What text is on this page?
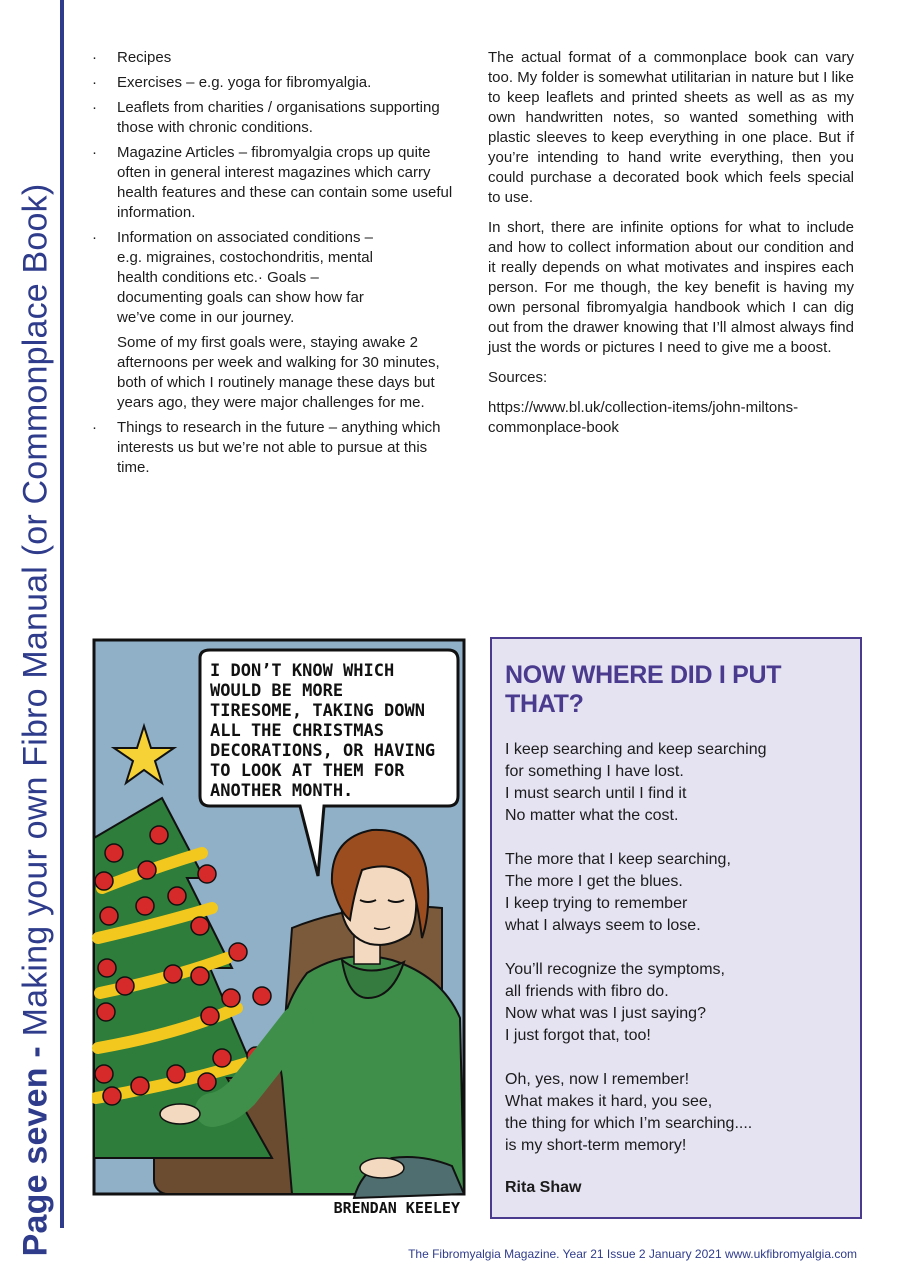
Page seven - Making your own Fibro Manual (or Commonplace Book)
· Recipes
· Exercises – e.g. yoga for fibromyalgia.
· Leaflets from charities / organisations supporting those with chronic conditions.
· Magazine Articles – fibromyalgia crops up quite often in general interest magazines which carry health features and these can contain some useful information.
· Information on associated conditions – e.g. migraines, costochondritis, mental health conditions etc.· Goals – documenting goals can show how far we’ve come in our journey.
Some of my first goals were, staying awake 2 afternoons per week and walking for 30 minutes, both of which I routinely manage these days but years ago, they were major challenges for me.
· Things to research in the future – anything which interests us but we’re not able to pursue at this time.

The actual format of a commonplace book can vary too. My folder is somewhat utilitarian in nature but I like to keep leaflets and printed sheets as well as as my own handwritten notes, so wanted something with plastic sleeves to keep everything in one place. But if you’re intending to hand write everything, then you could purchase a decorated book which feels special to use.

In short, there are infinite options for what to include and how to collect information about our condition and it really depends on what motivates and inspires each person. For me though, the key benefit is having my own personal fibromyalgia handbook which I can dig out from the drawer knowing that I’ll almost always find just the words or pictures I need to give me a boost.

Sources:

https://www.bl.uk/collection-items/john-miltons-commonplace-book

I DON’T KNOW WHICH
WOULD BE MORE
TIRESOME, TAKING DOWN
ALL THE CHRISTMAS
DECORATIONS, OR HAVING
TO LOOK AT THEM FOR
ANOTHER MONTH.
BRENDAN KEELEY
NOW WHERE DID I PUT THAT?
I keep searching and keep searching
for something I have lost.
I must search until I find it
No matter what the cost.
The more that I keep searching,
The more I get the blues.
I keep trying to remember
what I always seem to lose.
You’ll recognize the symptoms,
all friends with fibro do.
Now what was I just saying?
I just forgot that, too!
Oh, yes, now I remember!
What makes it hard, you see,
the thing for which I’m searching....
is my short-term memory!
Rita Shaw
The Fibromyalgia Magazine. Year 21 Issue 2 January 2021 www.ukfibromyalgia.com
